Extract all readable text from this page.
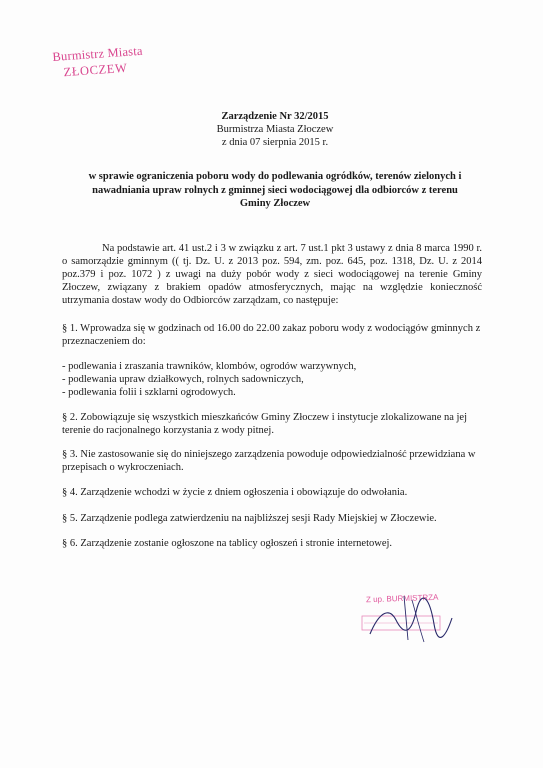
Burmistrz Miasta
ZŁOCZEW
Zarządzenie Nr 32/2015
Burmistrza Miasta Złoczew
z dnia 07 sierpnia 2015 r.
w sprawie ograniczenia poboru wody do podlewania ogródków, terenów zielonych i
nawadniania upraw rolnych z gminnej sieci wodociągowej dla odbiorców z terenu
Gminy Złoczew
Na podstawie art. 41 ust.2 i 3 w związku z art. 7 ust.1 pkt 3 ustawy z dnia 8 marca 1990 r. o samorządzie gminnym (( tj. Dz. U. z 2013 poz. 594, zm. poz. 645, poz. 1318, Dz. U. z 2014 poz.379 i poz. 1072 ) z uwagi na duży pobór wody z sieci wodociągowej na terenie Gminy Złoczew, związany z brakiem opadów atmosferycznych, mając na względzie konieczność utrzymania dostaw wody do Odbiorców zarządzam, co następuje:
§ 1. Wprowadza się w godzinach od 16.00 do 22.00 zakaz poboru wody z wodociągów gminnych z przeznaczeniem do:
- podlewania i zraszania trawników, klombów, ogrodów warzywnych,
- podlewania upraw działkowych, rolnych sadowniczych,
- podlewania folii i szklarni ogrodowych.
§ 2. Zobowiązuje się wszystkich mieszkańców Gminy Złoczew i instytucje zlokalizowane na jej terenie do racjonalnego korzystania z wody pitnej.
§ 3. Nie zastosowanie się do niniejszego zarządzenia powoduje odpowiedzialność przewidziana w przepisach o wykroczeniach.
§ 4. Zarządzenie wchodzi w życie z dniem ogłoszenia i obowiązuje do odwołania.
§ 5. Zarządzenie podlega zatwierdzeniu na najbliższej sesji Rady Miejskiej w Złoczewie.
§ 6. Zarządzenie zostanie ogłoszone na tablicy ogłoszeń i stronie internetowej.
Z up. BURMISTRZA
